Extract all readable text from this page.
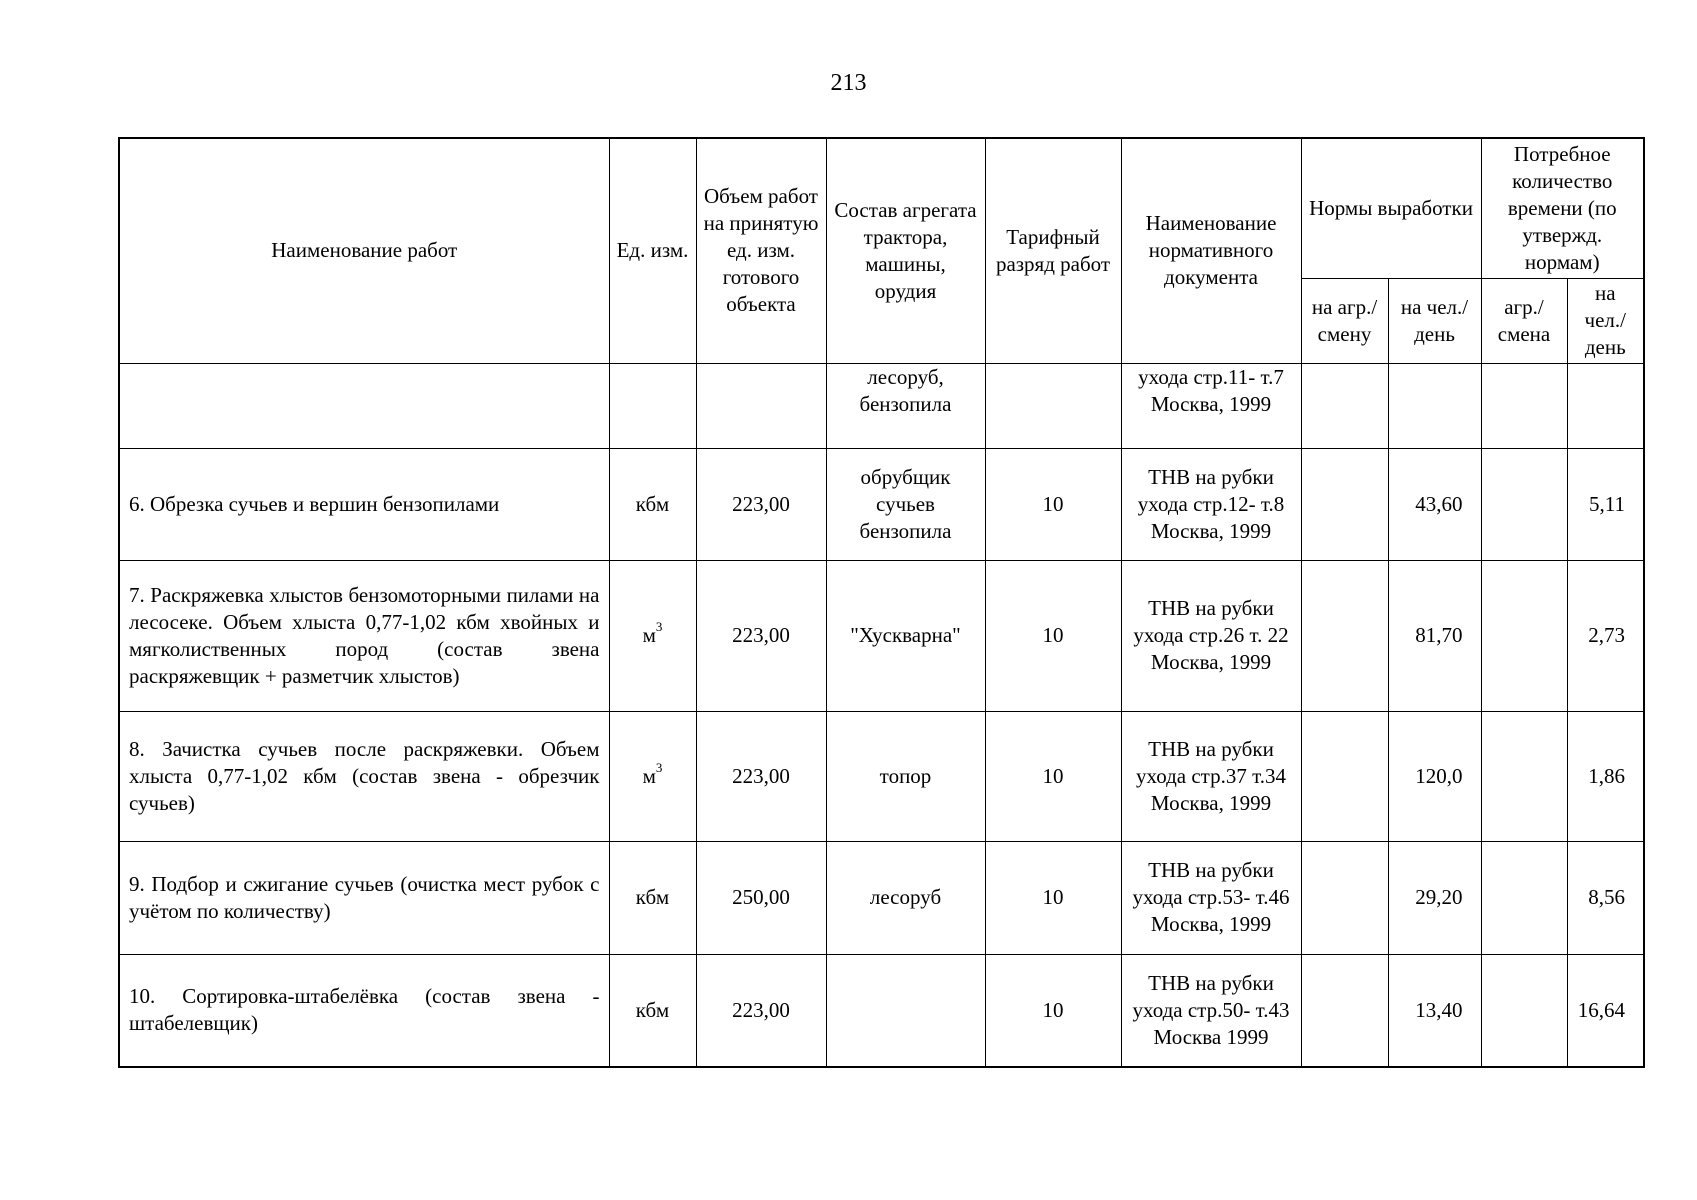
213
Наименование работ	Ед. изм.	Объем работ на принятую ед. изм. готового объекта	Состав агрегата трактора, машины, орудия	Тарифный разряд работ	Наименование нормативного документа	Нормы выработки		Потребное количество времени (по утвержд. нормам)	
						на агр./ смену	на чел./ день	агр./ смена	на чел./ день
			лесоруб, бензопила		ухода стр.11- т.7 Москва, 1999				
6. Обрезка сучьев и вершин бензопилами	кбм	223,00	обрубщик сучьев бензопила	10	ТНВ на рубки ухода стр.12- т.8 Москва, 1999		43,60		5,11
7. Раскряжевка хлыстов бензомоторными пилами на лесосеке. Объем хлыста 0,77-1,02 кбм хвойных и мягколиственных пород (состав звена раскряжевщик + разметчик хлыстов)	$м^3$	223,00	"Хускварна"	10	ТНВ на рубки ухода стр.26 т. 22 Москва, 1999		81,70		2,73
8. Зачистка сучьев после раскряжевки. Объем хлыста 0,77-1,02 кбм (состав звена - обрезчик сучьев)	$м^3$	223,00	топор	10	ТНВ на рубки ухода стр.37 т.34 Москва, 1999		120,0		1,86
9. Подбор и сжигание сучьев (очистка мест рубок с учётом по количеству)	кбм	250,00	лесоруб	10	ТНВ на рубки ухода стр.53- т.46 Москва, 1999		29,20		8,56
10. Сортировка-штабелёвка (состав звена - штабелевщик)	кбм	223,00		10	ТНВ на рубки ухода стр.50- т.43 Москва 1999		13,40		16,64
